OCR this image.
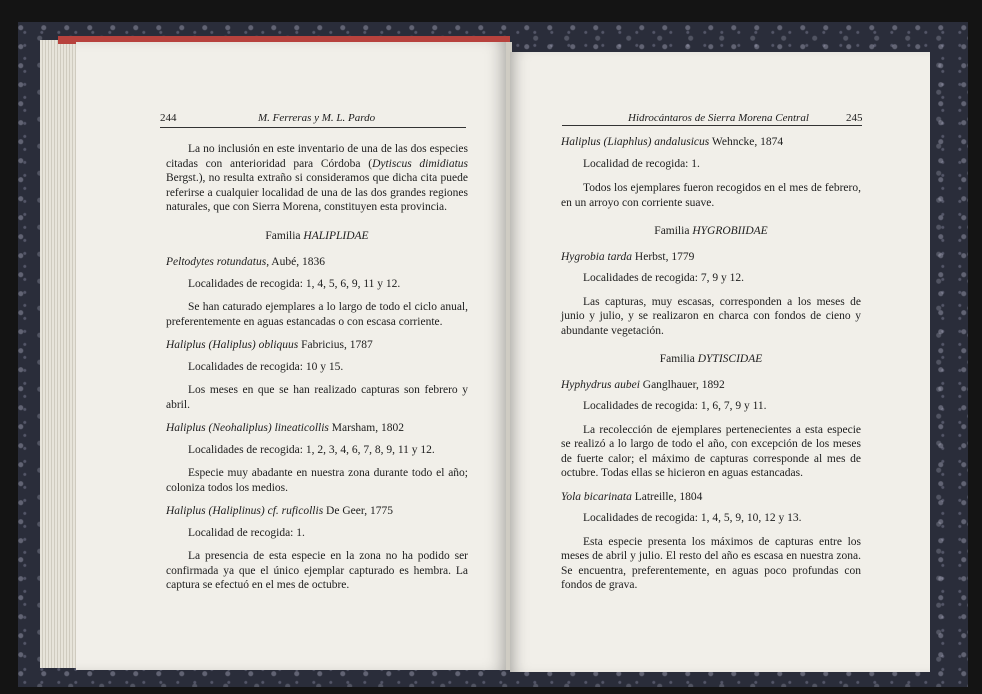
244	M. Ferreras y M. L. Pardo

La no inclusión en este inventario de una de las dos especies citadas con anterioridad para Córdoba (Dytiscus dimidiatus Bergst.), no resulta extraño si consideramos que dicha cita puede referirse a cualquier localidad de una de las dos grandes regiones naturales, que con Sierra Morena, constituyen esta provincia.

Familia HALIPLIDAE

Peltodytes rotundatus, Aubé, 1836

Localidades de recogida: 1, 4, 5, 6, 9, 11 y 12.

Se han caturado ejemplares a lo largo de todo el ciclo anual, preferentemente en aguas estancadas o con escasa corriente.

Haliplus (Haliplus) obliquus Fabricius, 1787

Localidades de recogida: 10 y 15.

Los meses en que se han realizado capturas son febrero y abril.

Haliplus (Neohaliplus) lineaticollis Marsham, 1802

Localidades de recogida: 1, 2, 3, 4, 6, 7, 8, 9, 11 y 12.

Especie muy abadante en nuestra zona durante todo el año; coloniza todos los medios.

Haliplus (Haliplinus) cf. ruficollis De Geer, 1775

Localidad de recogida: 1.

La presencia de esta especie en la zona no ha podido ser confirmada ya que el único ejemplar capturado es hembra. La captura se efectuó en el mes de octubre.

Hidrocántaros de Sierra Morena Central	245

Haliplus (Liaphlus) andalusicus Wehncke, 1874

Localidad de recogida: 1.

Todos los ejemplares fueron recogidos en el mes de febrero, en un arroyo con corriente suave.

Familia HYGROBIIDAE

Hygrobia tarda Herbst, 1779

Localidades de recogida: 7, 9 y 12.

Las capturas, muy escasas, corresponden a los meses de junio y julio, y se realizaron en charca con fondos de cieno y abundante vegetación.

Familia DYTISCIDAE

Hyphydrus aubei Ganglhauer, 1892

Localidades de recogida: 1, 6, 7, 9 y 11.

La recolección de ejemplares pertenecientes a esta especie se realizó a lo largo de todo el año, con excepción de los meses de fuerte calor; el máximo de capturas corresponde al mes de octubre. Todas ellas se hicieron en aguas estancadas.

Yola bicarinata Latreille, 1804

Localidades de recogida: 1, 4, 5, 9, 10, 12 y 13.

Esta especie presenta los máximos de capturas entre los meses de abril y julio. El resto del año es escasa en nuestra zona. Se encuentra, preferentemente, en aguas poco profundas con fondos de grava.
